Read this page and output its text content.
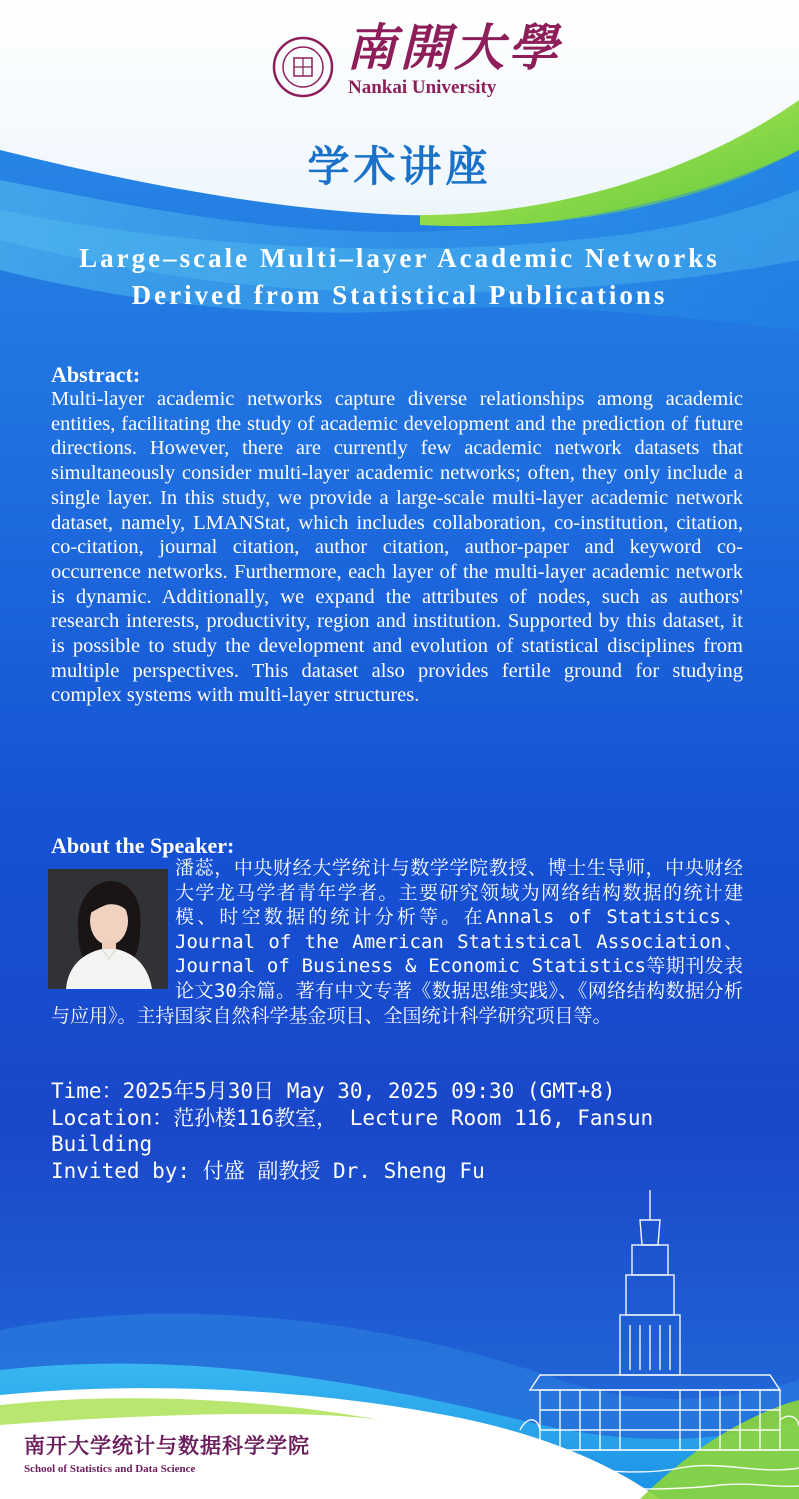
南開大學
Nankai University
学术讲座
Large–scale Multi–layer Academic Networks
Derived from Statistical Publications
Abstract:
Multi-layer academic networks capture diverse relationships among academic entities, facilitating the study of academic development and the prediction of future directions. However, there are currently few academic network datasets that simultaneously consider multi-layer academic networks; often, they only include a single layer. In this study, we provide a large-scale multi-layer academic network dataset, namely, LMANStat, which includes collaboration, co-institution, citation, co-citation, journal citation, author citation, author-paper and keyword co-occurrence networks. Furthermore, each layer of the multi-layer academic network is dynamic. Additionally, we expand the attributes of nodes, such as authors' research interests, productivity, region and institution. Supported by this dataset, it is possible to study the development and evolution of statistical disciplines from multiple perspectives. This dataset also provides fertile ground for studying complex systems with multi-layer structures.
About the Speaker:
潘蕊，中央财经大学统计与数学学院教授、博士生导师，中央财经大学龙马学者青年学者。主要研究领域为网络结构数据的统计建模、时空数据的统计分析等。在Annals of Statistics、Journal of the American Statistical Association、Journal of Business & Economic Statistics等期刊发表论文30余篇。著有中文专著《数据思维实践》、《网络结构数据分析与应用》。主持国家自然科学基金项目、全国统计科学研究项目等。
Time：2025年5月30日 May 30, 2025 09:30 (GMT+8)
Location：范孙楼116教室， Lecture Room 116, Fansun Building
Invited by: 付盛 副教授 Dr. Sheng Fu
南开大学统计与数据科学学院
School of Statistics and Data Science
